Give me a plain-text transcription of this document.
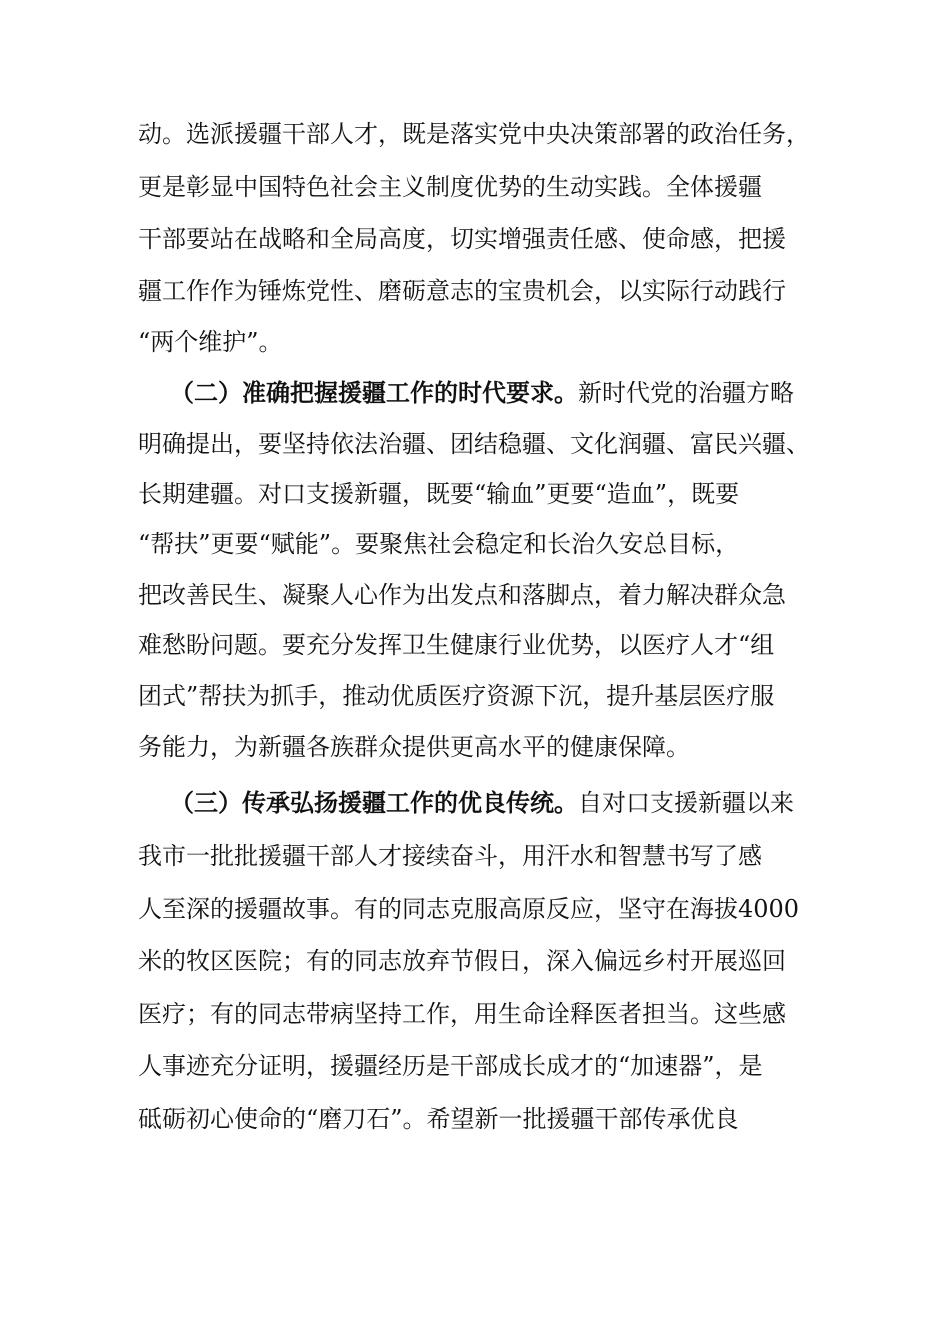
动。选派援疆干部人才，既是落实党中央决策部署的政治任务，
更是彰显中国特色社会主义制度优势的生动实践。全体援疆
干部要站在战略和全局高度，切实增强责任感、使命感，把援
疆工作作为锤炼党性、磨砺意志的宝贵机会，以实际行动践行
“两个维护”。
（二）准确把握援疆工作的时代要求。新时代党的治疆方略
明确提出，要坚持依法治疆、团结稳疆、文化润疆、富民兴疆、
长期建疆。对口支援新疆，既要“输血”更要“造血”，既要
“帮扶”更要“赋能”。要聚焦社会稳定和长治久安总目标，
把改善民生、凝聚人心作为出发点和落脚点，着力解决群众急
难愁盼问题。要充分发挥卫生健康行业优势，以医疗人才“组
团式”帮扶为抓手，推动优质医疗资源下沉，提升基层医疗服
务能力，为新疆各族群众提供更高水平的健康保障。
（三）传承弘扬援疆工作的优良传统。自对口支援新疆以来
我市一批批援疆干部人才接续奋斗，用汗水和智慧书写了感
人至深的援疆故事。有的同志克服高原反应，坚守在海拔4000
米的牧区医院；有的同志放弃节假日，深入偏远乡村开展巡回
医疗；有的同志带病坚持工作，用生命诠释医者担当。这些感
人事迹充分证明，援疆经历是干部成长成才的“加速器”，是
砥砺初心使命的“磨刀石”。希望新一批援疆干部传承优良
